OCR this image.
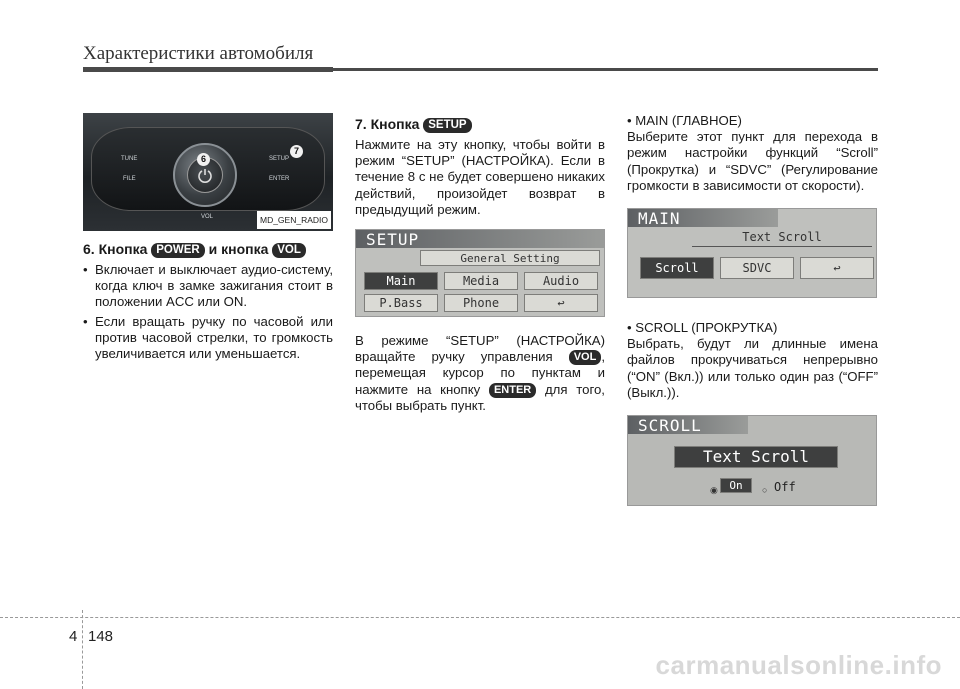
Характеристики автомобиля
TUNE
FILE
SETUP
ENTER
VOL
6
7
MD_GEN_RADIO
6. Кнопка POWER и кнопка VOL
• Включает и выключает аудио-систему, когда ключ в замке зажигания стоит в положении ACC или ON.
• Если вращать ручку по часовой или против часовой стрелки, то громкость увеличивается или уменьшается.
7. Кнопка SETUP

Нажмите на эту кнопку, чтобы войти в режим “SETUP” (НАСТРОЙКА). Если в течение 8 с не будет совершено никаких действий, произойдет возврат в предыдущий режим.

SETUP
General Setting
Main	Media	Audio
P.Bass	Phone	↩

В режиме “SETUP” (НАСТРОЙКА) вращайте ручку управления VOL , перемещая курсор по пунктам и нажмите на кнопку ENTER для того, чтобы выбрать пункт.

• MAIN (ГЛАВНОЕ)

Выберите этот пункт для перехода в режим настройки функций “Scroll” (Прокрутка) и “SDVC” (Регулирование громкости в зависимости от скорости).

MAIN
Text Scroll
Scroll	SDVC	↩
• SCROLL (ПРОКРУТКА)

Выбрать, будут ли длинные имена файлов прокручиваться непрерывно (“ON” (Вкл.)) или только один раз (“OFF” (Выкл.)).

SCROLL
Text Scroll
◉	On	○ Off
4 148
carmanualsonline.info
